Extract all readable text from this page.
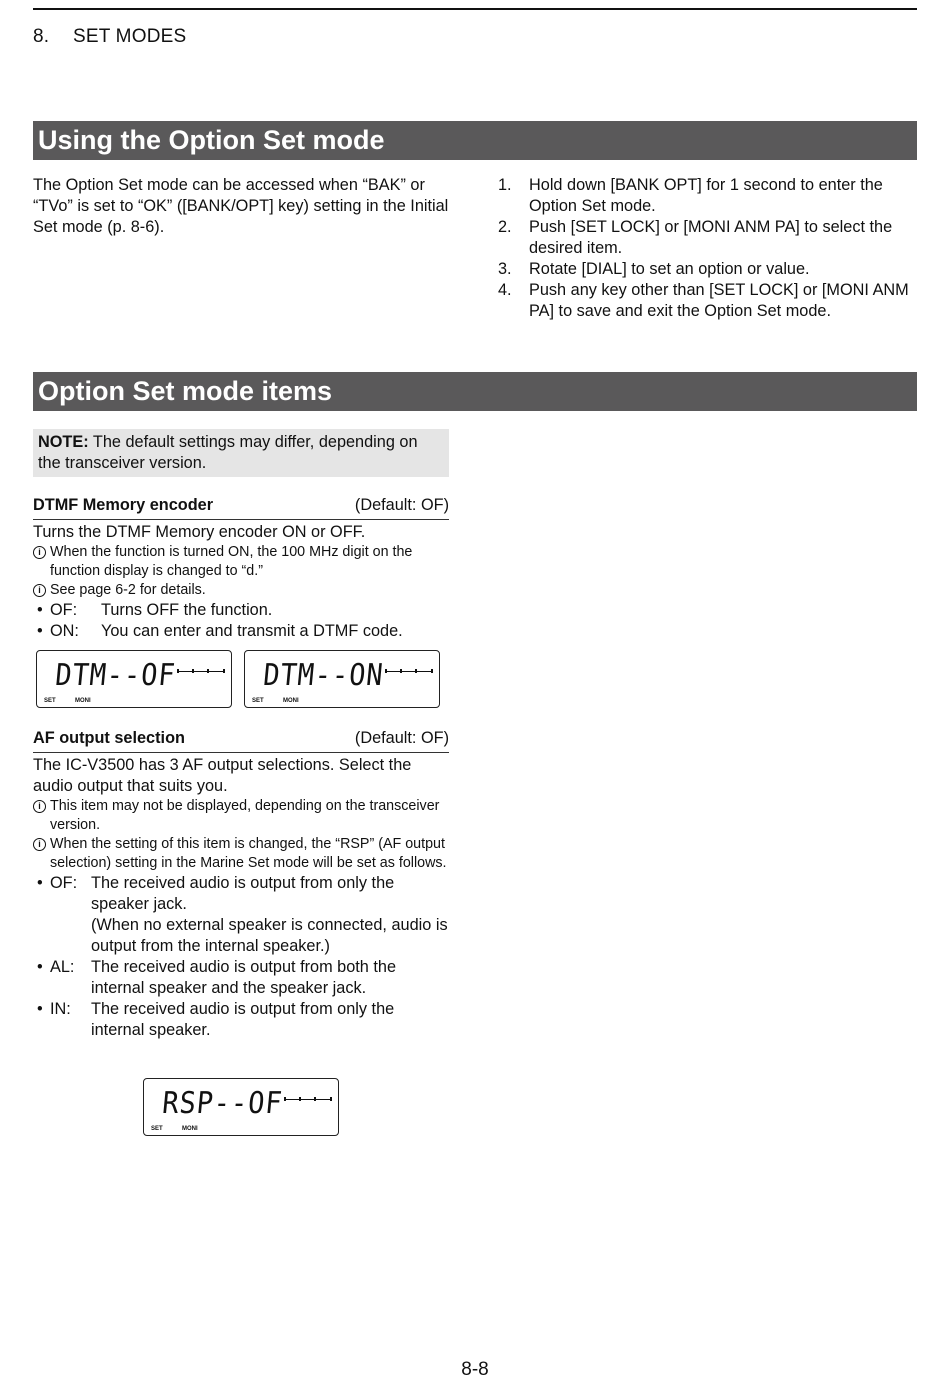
8. SET MODES
Using the Option Set mode
The Option Set mode can be accessed when “BAK” or “TVo” is set to “OK” ([BANK/OPT] key) setting in the Initial Set mode (p. 8-6).
1. Hold down [BANK OPT] for 1 second to enter the Option Set mode.
2. Push [SET LOCK] or [MONI ANM PA] to select the desired item.
3. Rotate [DIAL] to set an option or value.
4. Push any key other than [SET LOCK] or [MONI ANM PA] to save and exit the Option Set mode.
Option Set mode items
NOTE: The default settings may differ, depending on the transceiver version.
DTMF Memory encoder	(Default: OF)
Turns the DTMF Memory encoder ON or OFF.
i When the function is turned ON, the 100 MHz digit on the function display is changed to “d.”
i See page 6-2 for details.
• OF:	Turns OFF the function.
• ON:	You can enter and transmit a DTMF code.
DTM--OF
SET	MONI
DTM--ON
SET	MONI
AF output selection	(Default: OF)
The IC-V3500 has 3 AF output selections. Select the audio output that suits you.
i This item may not be displayed, depending on the transceiver version.
i When the setting of this item is changed, the “RSP” (AF output selection) setting in the Marine Set mode will be set as follows.
• OF: The received audio is output from only the speaker jack.
(When no external speaker is connected, audio is output from the internal speaker.)
• AL:	The received audio is output from both the internal speaker and the speaker jack.
• IN:	The received audio is output from only the internal speaker.
RSP--OF
SET	MONI
8-8
